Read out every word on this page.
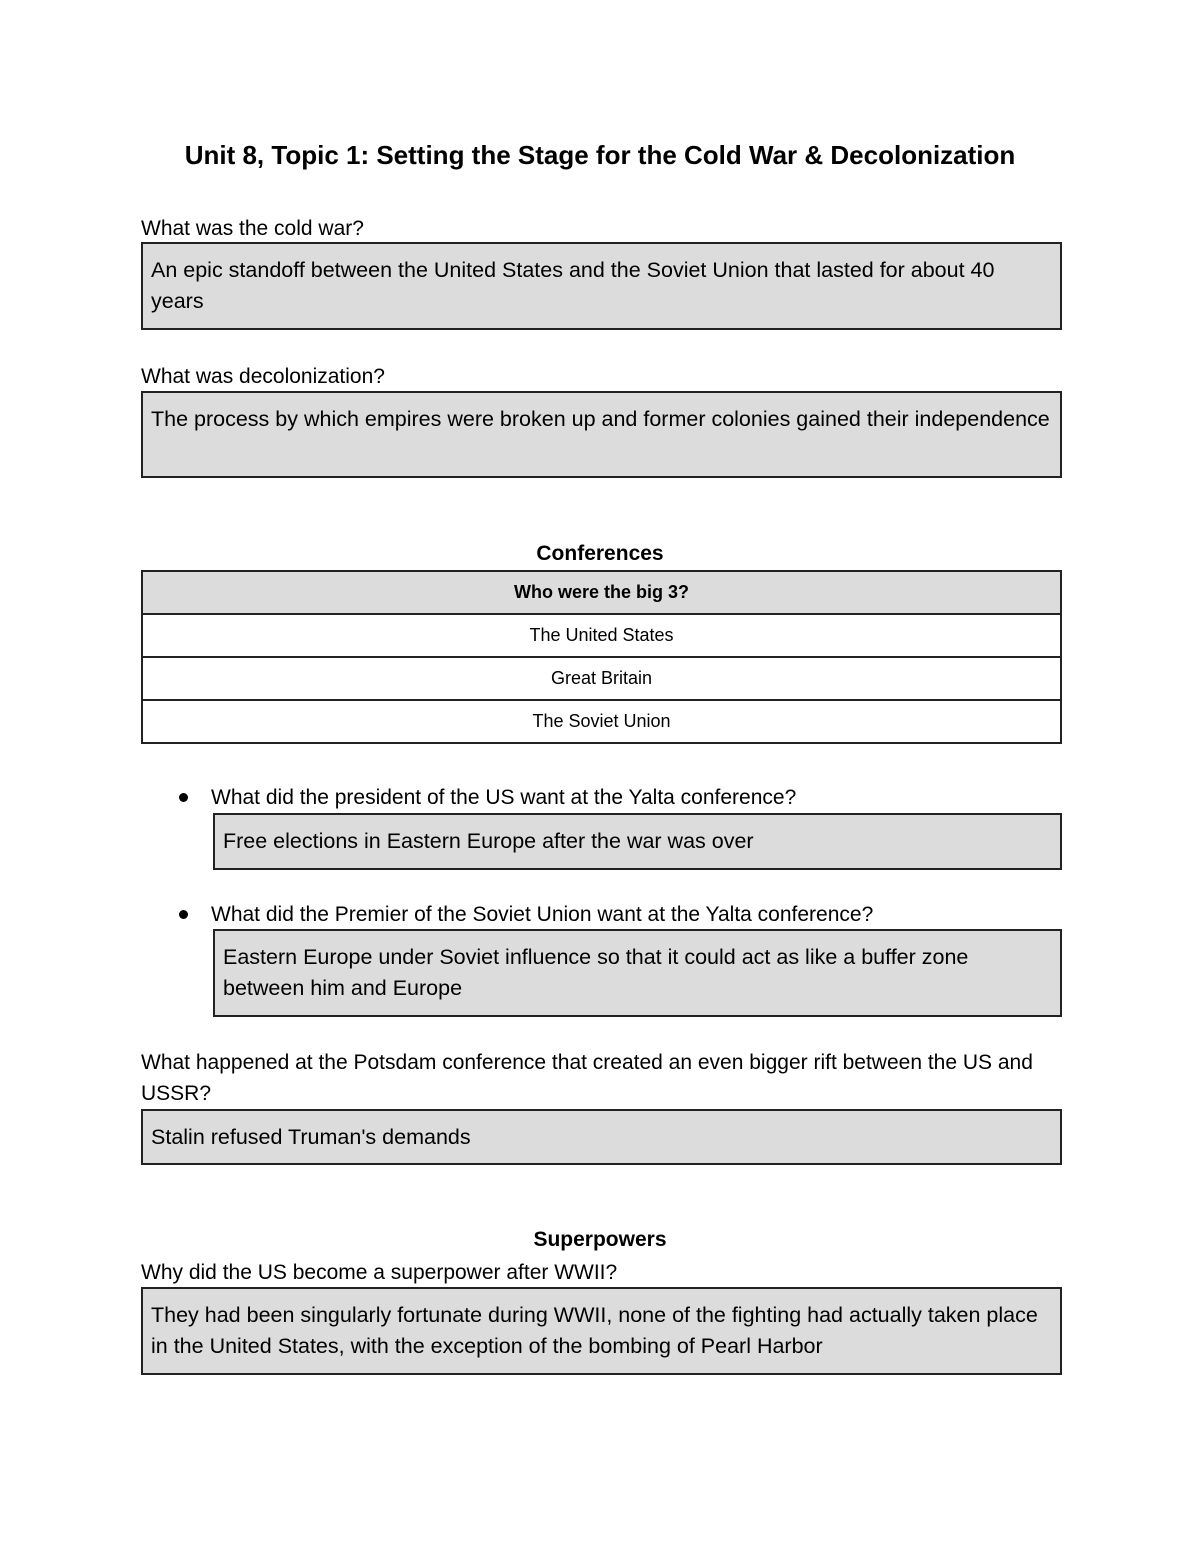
Unit 8, Topic 1: Setting the Stage for the Cold War & Decolonization
What was the cold war?
An epic standoff between the United States and the Soviet Union that lasted for about 40 years
What was decolonization?
The process by which empires were broken up and former colonies gained their independence
Conferences
Who were the big 3?
The United States
Great Britain
The Soviet Union
What did the president of the US want at the Yalta conference?
Free elections in Eastern Europe after the war was over
What did the Premier of the Soviet Union want at the Yalta conference?
Eastern Europe under Soviet influence so that it could act as like a buffer zone between him and Europe
What happened at the Potsdam conference that created an even bigger rift between the US and USSR?
Stalin refused Truman's demands
Superpowers
Why did the US become a superpower after WWII?
They had been singularly fortunate during WWII, none of the fighting had actually taken place in the United States, with the exception of the bombing of Pearl Harbor
